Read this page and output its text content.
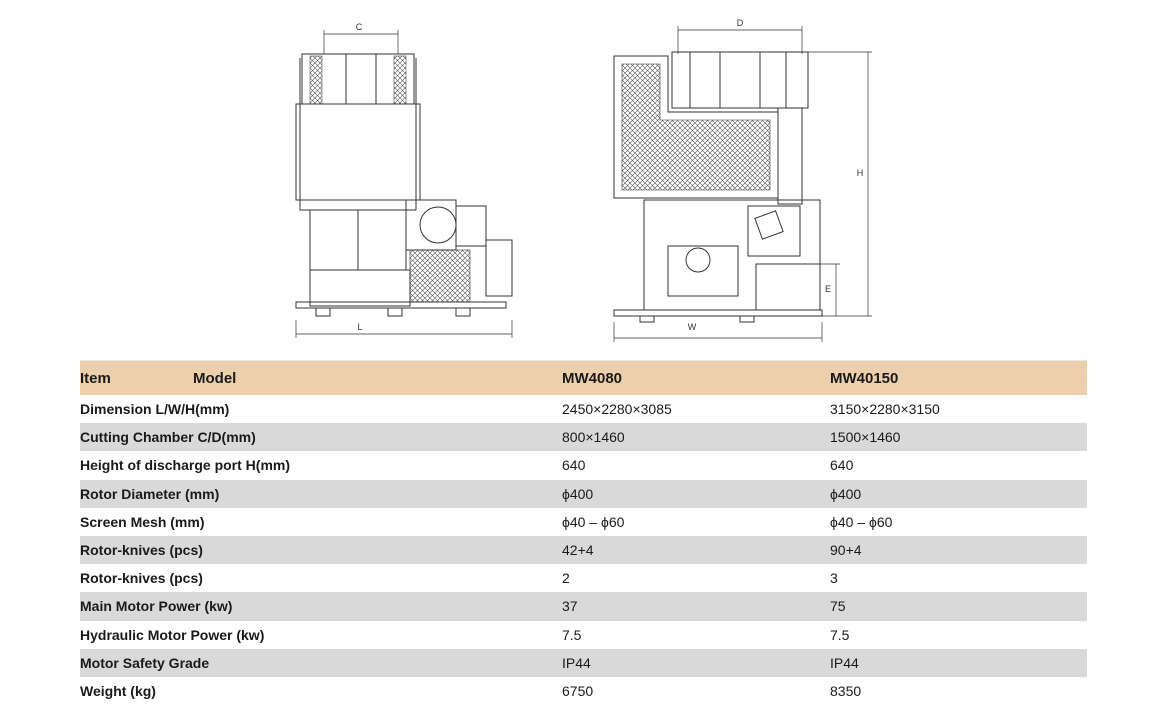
C
L
D
H
E
W
Item Model	MW4080	MW40150
Dimension L/W/H(mm)	2450×2280×3085	3150×2280×3150
Cutting Chamber C/D(mm)	800×1460	1500×1460
Height of discharge port H(mm)	640	640
Rotor Diameter (mm)	ϕ400	ϕ400
Screen Mesh (mm)	ϕ40 – ϕ60	ϕ40 – ϕ60
Rotor-knives (pcs)	42+4	90+4
Rotor-knives (pcs)	2	3
Main Motor Power (kw)	37	75
Hydraulic Motor Power (kw)	7.5	7.5
Motor Safety Grade	IP44	IP44
Weight (kg)	6750	8350
